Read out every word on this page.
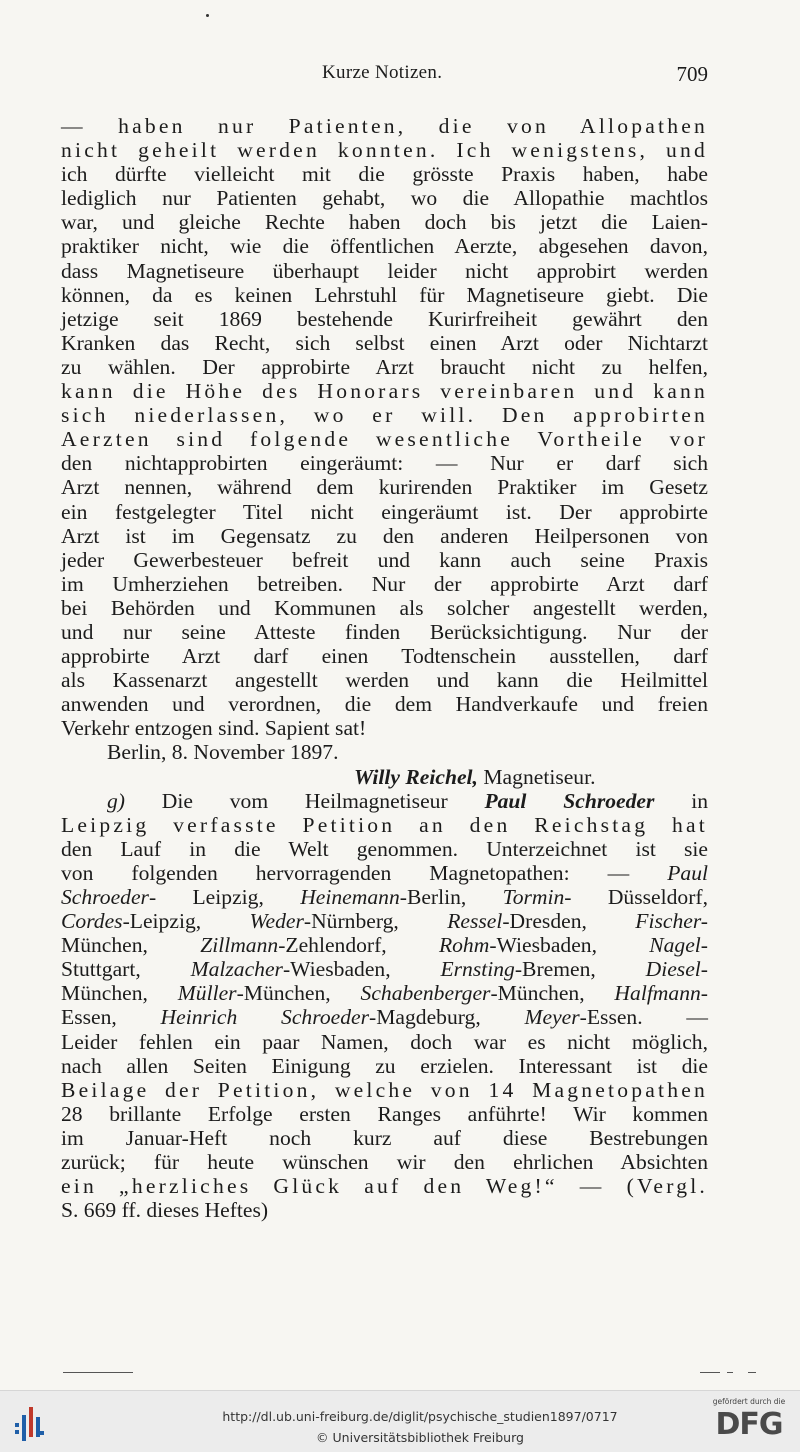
Kurze Notizen.	709
— haben nur Patienten, die von Allopathen
nicht geheilt werden konnten. Ich wenigstens, und
ich dürfte vielleicht mit die grösste Praxis haben, habe
lediglich nur Patienten gehabt, wo die Allopathie machtlos
war, und gleiche Rechte haben doch bis jetzt die Laien-
praktiker nicht, wie die öffentlichen Aerzte, abgesehen davon,
dass Magnetiseure überhaupt leider nicht approbirt werden
können, da es keinen Lehrstuhl für Magnetiseure giebt. Die
jetzige seit 1869 bestehende Kurirfreiheit gewährt den
Kranken das Recht, sich selbst einen Arzt oder Nichtarzt
zu wählen. Der approbirte Arzt braucht nicht zu helfen,
kann die Höhe des Honorars vereinbaren und kann
sich niederlassen, wo er will. Den approbirten
Aerzten sind folgende wesentliche Vortheile vor
den nichtapprobirten eingeräumt: — Nur er darf sich
Arzt nennen, während dem kurirenden Praktiker im Gesetz
ein festgelegter Titel nicht eingeräumt ist. Der approbirte
Arzt ist im Gegensatz zu den anderen Heilpersonen von
jeder Gewerbesteuer befreit und kann auch seine Praxis
im Umherziehen betreiben. Nur der approbirte Arzt darf
bei Behörden und Kommunen als solcher angestellt werden,
und nur seine Atteste finden Berücksichtigung. Nur der
approbirte Arzt darf einen Todtenschein ausstellen, darf
als Kassenarzt angestellt werden und kann die Heilmittel
anwenden und verordnen, die dem Handverkaufe und freien
Verkehr entzogen sind. Sapient sat!
Berlin, 8. November 1897.
Willy Reichel, Magnetiseur.
g) Die vom Heilmagnetiseur Paul Schroeder in
Leipzig verfasste Petition an den Reichstag hat
den Lauf in die Welt genommen. Unterzeichnet ist sie
von folgenden hervorragenden Magnetopathen: — Paul
Schroeder- Leipzig, Heinemann-Berlin, Tormin- Düsseldorf,
Cordes-Leipzig, Weder-Nürnberg, Ressel-Dresden, Fischer-
München, Zillmann-Zehlendorf, Rohm-Wiesbaden, Nagel-
Stuttgart, Malzacher-Wiesbaden, Ernsting-Bremen, Diesel-
München, Müller-München, Schabenberger-München, Halfmann-
Essen, Heinrich Schroeder-Magdeburg, Meyer-Essen. —
Leider fehlen ein paar Namen, doch war es nicht möglich,
nach allen Seiten Einigung zu erzielen. Interessant ist die
Beilage der Petition, welche von 14 Magnetopathen
28 brillante Erfolge ersten Ranges anführte! Wir kommen
im Januar-Heft noch kurz auf diese Bestrebungen
zurück; für heute wünschen wir den ehrlichen Absichten
ein „herzliches Glück auf den Weg!“ — (Vergl.
S. 669 ff. dieses Heftes)
http://dl.ub.uni-freiburg.de/diglit/psychische_studien1897/0717
© Universitätsbibliothek Freiburg
gefördert durch die
DFG
